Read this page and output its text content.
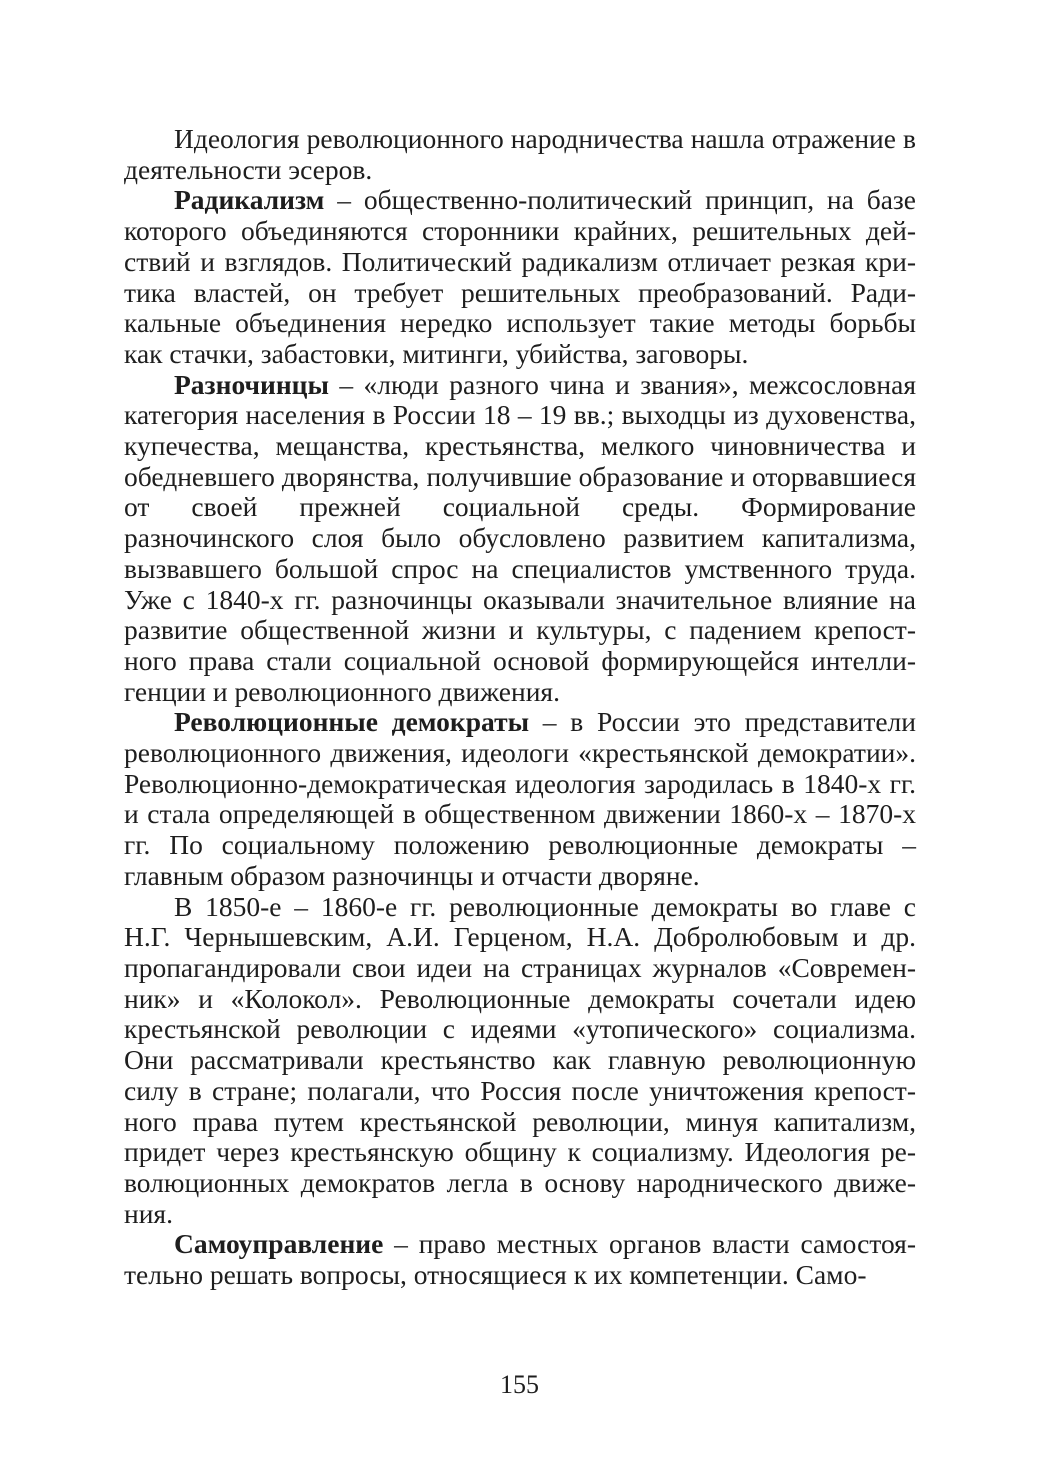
Идеология революционного народничества нашла отражение в деятельности эсеров.

Радикализм – общественно-политический принцип, на базе которого объединяются сторонники крайних, решительных действий и взглядов. Политический радикализм отличает резкая критика властей, он требует решительных преобразований. Радикальные объединения нередко использует такие методы борьбы как стачки, забастовки, митинги, убийства, заговоры.

Разночинцы – «люди разного чина и звания», межсословная категория населения в России 18 – 19 вв.; выходцы из духовенства, купечества, мещанства, крестьянства, мелкого чиновничества и обедневшего дворянства, получившие образование и оторвавшиеся от своей прежней социальной среды. Формирование разночинского слоя было обусловлено развитием капитализма, вызвавшего большой спрос на специалистов умственного труда. Уже с 1840-х гг. разночинцы оказывали значительное влияние на развитие общественной жизни и культуры, с падением крепостного права стали социальной основой формирующейся интеллигенции и революционного движения.

Революционные демократы – в России это представители революционного движения, идеологи «крестьянской демократии». Революционно-демократическая идеология зародилась в 1840-х гг. и стала определяющей в общественном движении 1860-х – 1870-х гг. По социальному положению революционные демократы – главным образом разночинцы и отчасти дворяне.

В 1850-е – 1860-е гг. революционные демократы во главе с Н.Г. Чернышевским, А.И. Герценом, Н.А. Добролюбовым и др. пропагандировали свои идеи на страницах журналов «Современник» и «Колокол». Революционные демократы сочетали идею крестьянской революции с идеями «утопического» социализма. Они рассматривали крестьянство как главную революционную силу в стране; полагали, что Россия после уничтожения крепостного права путем крестьянской революции, минуя капитализм, придет через крестьянскую общину к социализму. Идеология революционных демократов легла в основу народнического движения.

Самоуправление – право местных органов власти самостоятельно решать вопросы, относящиеся к их компетенции. Само-

155
